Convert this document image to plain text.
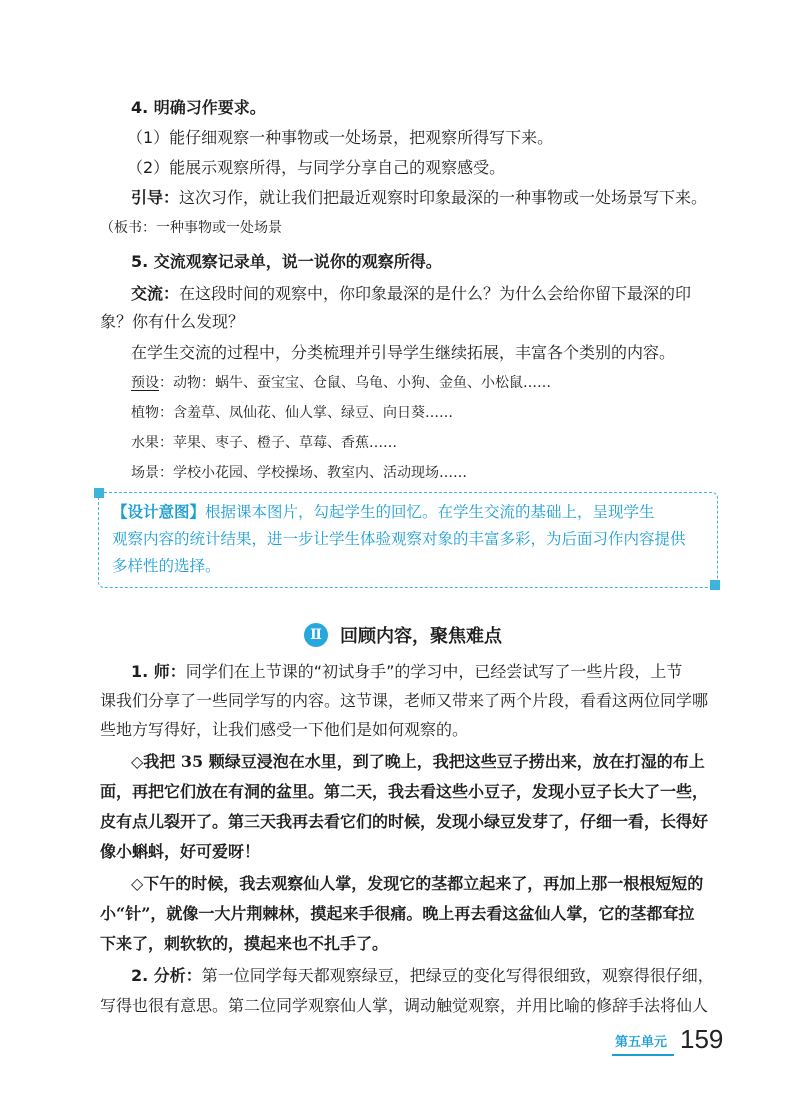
4. 明确习作要求。
（1）能仔细观察一种事物或一处场景，把观察所得写下来。
（2）能展示观察所得，与同学分享自己的观察感受。
引导：这次习作，就让我们把最近观察时印象最深的一种事物或一处场景写下来。
（板书：一种事物或一处场景
5. 交流观察记录单，说一说你的观察所得。
交流：在这段时间的观察中，你印象最深的是什么？为什么会给你留下最深的印
象？你有什么发现？
在学生交流的过程中，分类梳理并引导学生继续拓展，丰富各个类别的内容。
预设：动物：蜗牛、蚕宝宝、仓鼠、乌龟、小狗、金鱼、小松鼠……
植物：含羞草、凤仙花、仙人掌、绿豆、向日葵……
水果：苹果、枣子、橙子、草莓、香蕉……
场景：学校小花园、学校操场、教室内、活动现场……
【设计意图】根据课本图片，勾起学生的回忆。在学生交流的基础上，呈现学生
观察内容的统计结果，进一步让学生体验观察对象的丰富多彩，为后面习作内容提供
多样性的选择。
Ⅱ	回顾内容，聚焦难点
1. 师：同学们在上节课的“初试身手”的学习中，已经尝试写了一些片段，上节
课我们分享了一些同学写的内容。这节课，老师又带来了两个片段，看看这两位同学哪
些地方写得好，让我们感受一下他们是如何观察的。
◇我把 35 颗绿豆浸泡在水里，到了晚上，我把这些豆子捞出来，放在打湿的布上
面，再把它们放在有洞的盆里。第二天，我去看这些小豆子，发现小豆子长大了一些，
皮有点儿裂开了。第三天我再去看它们的时候，发现小绿豆发芽了，仔细一看，长得好
像小蝌蚪，好可爱呀！
◇下午的时候，我去观察仙人掌，发现它的茎都立起来了，再加上那一根根短短的
小“针”，就像一大片荆棘林，摸起来手很痛。晚上再去看这盆仙人掌，它的茎都耷拉
下来了，刺软软的，摸起来也不扎手了。
2. 分析：第一位同学每天都观察绿豆，把绿豆的变化写得很细致，观察得很仔细，
写得也很有意思。第二位同学观察仙人掌，调动触觉观察，并用比喻的修辞手法将仙人
第五单元 159
